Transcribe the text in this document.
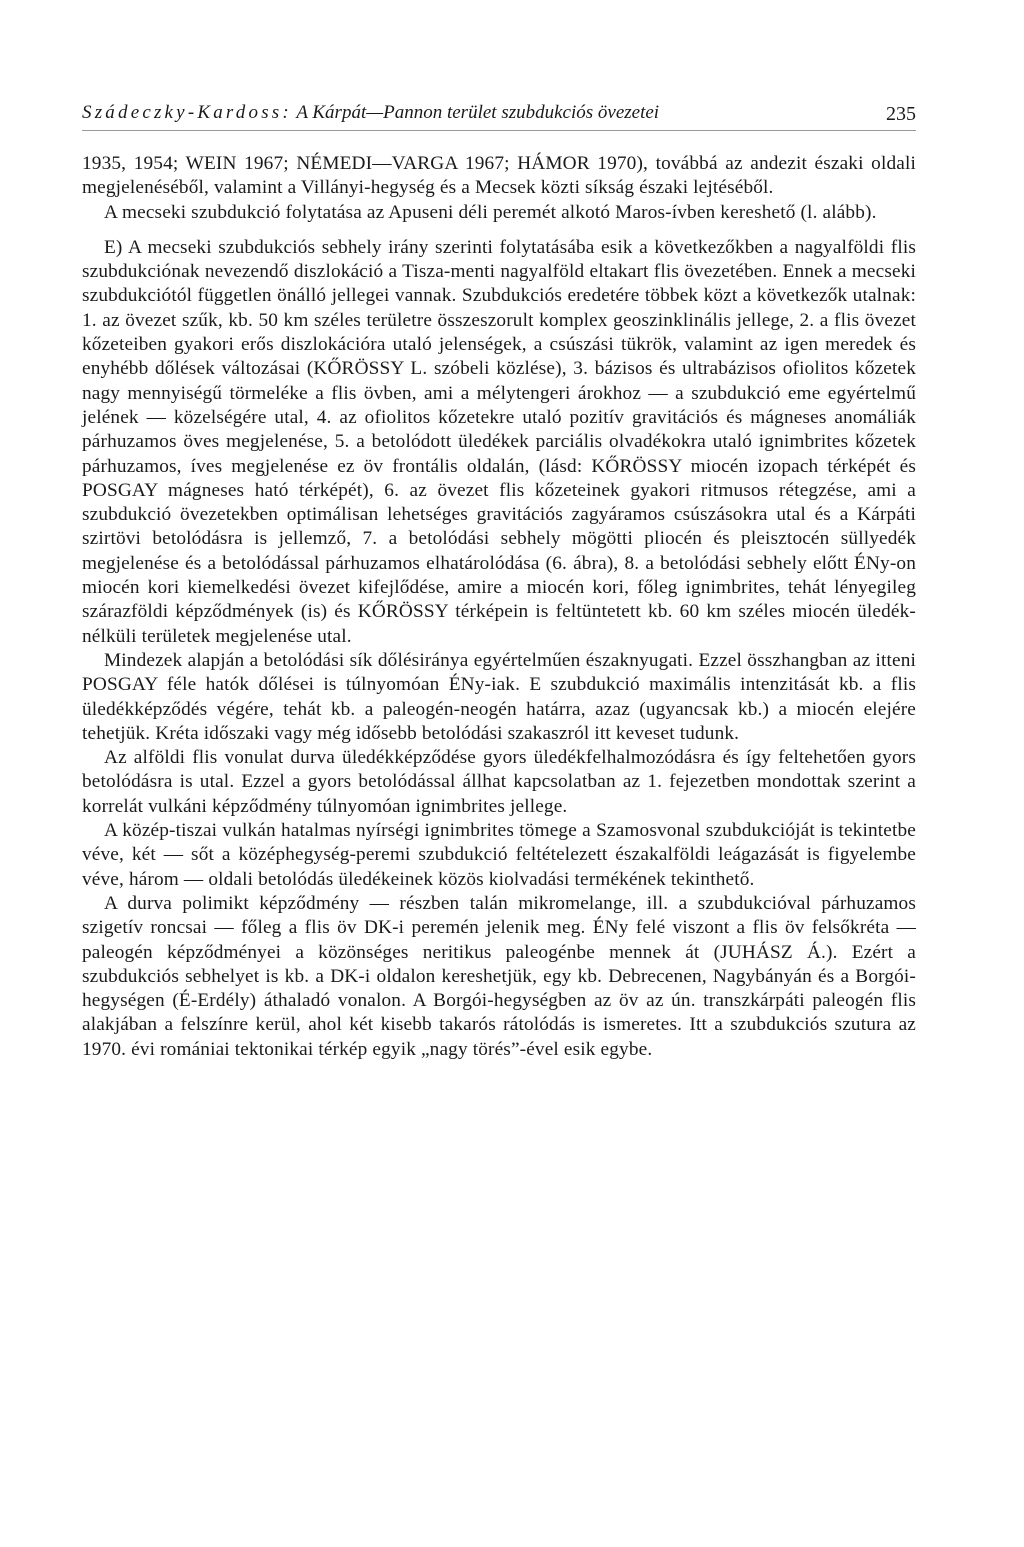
Szádeczky-Kardoss: A Kárpát—Pannon terület szubdukciós övezetei	235

1935, 1954; WEIN 1967; NÉMEDI—VARGA 1967; HÁMOR 1970), továbbá az andezit északi oldali megjelenéséből, valamint a Villányi-hegység és a Mecsek közti síkság északi lejtéséből.

A mecseki szubdukció folytatása az Apuseni déli peremét alkotó Maros-ívben kereshető (l. alább).

E) A mecseki szubdukciós sebhely irány szerinti folytatásába esik a következőkben a nagyalföldi flis szubdukciónak nevezendő diszlokáció a Tisza-menti nagyalföld eltakart flis övezetében. Ennek a mecseki szubdukciótól független önálló jellegei vannak. Szubdukciós eredetére többek közt a következők utalnak: 1. az övezet szűk, kb. 50 km széles területre összeszorult komplex geoszinklinális jellege, 2. a flis övezet kőzeteiben gyakori erős diszlokációra utaló jelenségek, a csúszási tükrök, valamint az igen meredek és enyhébb dőlések változásai (KŐRÖSSY L. szóbeli közlése), 3. bázisos és ultrabázisos ofiolitos kőzetek nagy mennyiségű törmeléke a flis övben, ami a mélytengeri árokhoz — a szubdukció eme egyértelmű jelének — közelségére utal, 4. az ofiolitos kőzetekre utaló pozitív gravitációs és mágneses anomáliák párhuzamos öves megjelenése, 5. a betolódott üledékek parciális olvadékokra utaló ignimbrites kőzetek párhuzamos, íves megjelenése ez öv frontális oldalán, (lásd: KŐRÖSSY miocén izopach térképét és POSGAY mágneses ható térképét), 6. az övezet flis kőzeteinek gyakori ritmusos rétegzése, ami a szubdukció övezetekben optimálisan lehetséges gravitációs zagyáramos csúszásokra utal és a Kárpáti szirtövi betolódásra is jellemző, 7. a betolódási sebhely mögötti pliocén és pleisztocén süllyedék megjelenése és a betolódással párhuzamos elhatárolódása (6. ábra), 8. a betolódási sebhely előtt ÉNy-on miocén kori kiemelkedési övezet kifejlődése, amire a miocén kori, főleg ignimbrites, tehát lényegileg szárazföldi képződmények (is) és KŐRÖSSY térképein is feltüntetett kb. 60 km széles miocén üledék-nélküli területek megjelenése utal.

Mindezek alapján a betolódási sík dőlésiránya egyértelműen északnyugati. Ezzel összhangban az itteni POSGAY féle hatók dőlései is túlnyomóan ÉNy-iak. E szubdukció maximális intenzitását kb. a flis üledékképződés végére, tehát kb. a paleogén-neogén határra, azaz (ugyancsak kb.) a miocén elejére tehetjük. Kréta időszaki vagy még idősebb betolódási szakaszról itt keveset tudunk.

Az alföldi flis vonulat durva üledékképződése gyors üledékfelhalmozódásra és így feltehetően gyors betolódásra is utal. Ezzel a gyors betolódással állhat kapcsolatban az 1. fejezetben mondottak szerint a korrelát vulkáni képződmény túlnyomóan ignimbrites jellege.

A közép-tiszai vulkán hatalmas nyírségi ignimbrites tömege a Szamosvonal szubdukcióját is tekintetbe véve, két — sőt a középhegység-peremi szubdukció feltételezett északalföldi leágazását is figyelembe véve, három — oldali betolódás üledékeinek közös kiolvadási termékének tekinthető.

A durva polimikt képződmény — részben talán mikromelange, ill. a szubdukcióval párhuzamos szigetív roncsai — főleg a flis öv DK-i peremén jelenik meg. ÉNy felé viszont a flis öv felsőkréta — paleogén képződményei a közönséges neritikus paleogénbe mennek át (JUHÁSZ Á.). Ezért a szubdukciós sebhelyet is kb. a DK-i oldalon kereshetjük, egy kb. Debrecenen, Nagybányán és a Borgói-hegységen (É-Erdély) áthaladó vonalon. A Borgói-hegységben az öv az ún. transzkárpáti paleogén flis alakjában a felszínre kerül, ahol két kisebb takarós rátolódás is ismeretes. Itt a szubdukciós szutura az 1970. évi romániai tektonikai térkép egyik „nagy törés”-ével esik egybe.
